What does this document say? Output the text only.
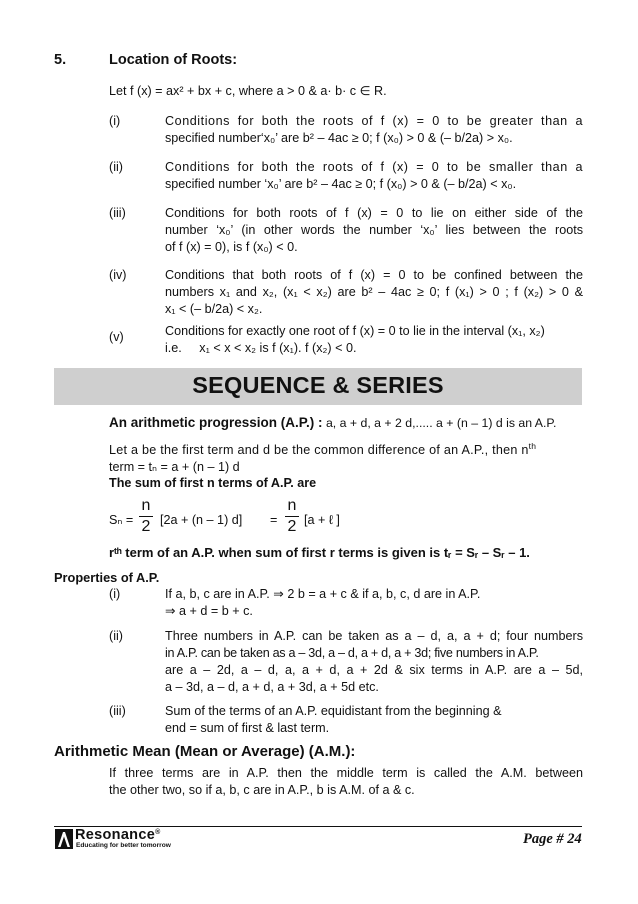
5.	Location of Roots:
Let f (x) = ax² + bx + c, where a > 0 & a· b· c ∈ R.
(i)	Conditions for both the roots of f (x) = 0 to be greater than a
specified number‘x₀’ are b² – 4ac ≥ 0; f (x₀) > 0 & (– b/2a) > x₀.
(ii)	Conditions for both the roots of f (x) = 0 to be smaller than a
specified number ‘x₀’ are b² – 4ac ≥ 0; f (x₀) > 0 & (– b/2a) < x₀.
(iii)	Conditions for both roots of f (x) = 0 to lie on either side of the
number ‘x₀’ (in other words the number ‘x₀’ lies between the roots
of f (x) = 0), is f (x₀) < 0.
(iv)	Conditions that both roots of f (x) = 0 to be confined between the
numbers x₁ and x₂, (x₁ < x₂) are b² – 4ac ≥ 0; f (x₁) > 0 ; f (x₂) > 0 &
x₁ < (– b/2a) < x₂.
(v)	Conditions for exactly one root of f (x) = 0 to lie in the interval (x₁, x₂)
i.e.     x₁ < x < x₂ is f (x₁). f (x₂) < 0.
SEQUENCE & SERIES
An arithmetic progression (A.P.) : a, a + d, a + 2 d,..... a + (n – 1) d is an A.P.
Let a be the first term and d be the common difference of an A.P., then $n^{th}$
term = tₙ = a + (n – 1) d
The sum of first n terms of A.P. are
Sₙ =
n
2 [2a + (n – 1) d] =
n
2 [a + ℓ ]
rᵗʰ term of an A.P. when sum of first r terms is given is tᵣ = Sᵣ – Sᵣ – 1.
Properties of A.P.
(i)	If a, b, c are in A.P. ⇒ 2 b = a + c & if a, b, c, d are in A.P.
⇒ a + d = b + c.
(ii)	Three numbers in A.P. can be taken as a – d, a, a + d; four numbers
in A.P. can be taken as a – 3d, a – d, a + d, a + 3d; five numbers in A.P.
are a – 2d, a – d, a, a + d, a + 2d & six terms in A.P. are a – 5d,
a – 3d, a – d, a + d, a + 3d, a + 5d etc.
(iii)	Sum of the terms of an A.P. equidistant from the beginning &
end = sum of first & last term.
Arithmetic Mean (Mean or Average) (A.M.):
If three terms are in A.P. then the middle term is called the A.M. between
the other two, so if a, b, c are in A.P., b is A.M. of a & c.
Resonance®
Educating for better tomorrow	Page # 24
